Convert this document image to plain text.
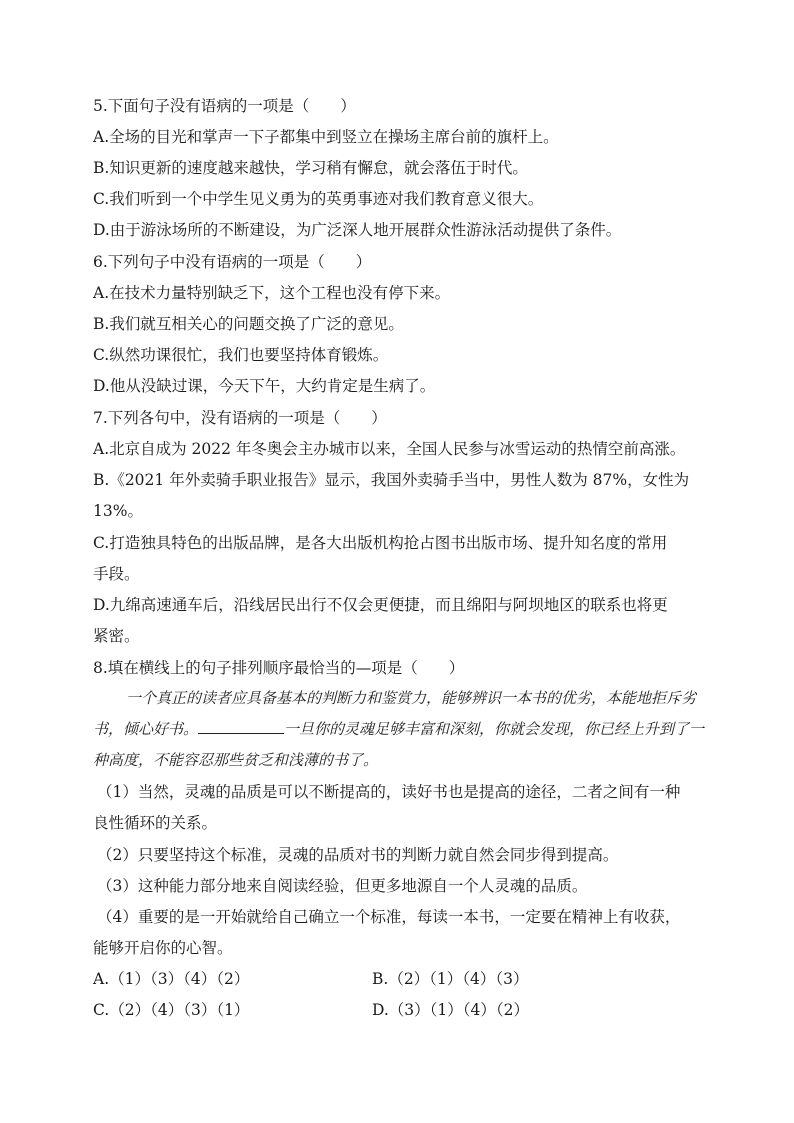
5.下面句子没有语病的一项是（　　）
A.全场的目光和掌声一下子都集中到竖立在操场主席台前的旗杆上。
B.知识更新的速度越来越快，学习稍有懈怠，就会落伍于时代。
C.我们听到一个中学生见义勇为的英勇事迹对我们教育意义很大。
D.由于游泳场所的不断建设，为广泛深人地开展群众性游泳活动提供了条件。
6.下列句子中没有语病的一项是（　　）
A.在技术力量特别缺乏下，这个工程也没有停下来。
B.我们就互相关心的问题交换了广泛的意见。
C.纵然功课很忙，我们也要坚持体育锻炼。
D.他从没缺过课，今天下午，大约肯定是生病了。
7.下列各句中，没有语病的一项是（　　）
A.北京自成为 2022 年冬奥会主办城市以来，全国人民参与冰雪运动的热情空前高涨。
B.《2021 年外卖骑手职业报告》显示，我国外卖骑手当中，男性人数为 87%，女性为
13%。
C.打造独具特色的出版品牌，是各大出版机构抢占图书出版市场、提升知名度的常用
手段。
D.九绵高速通车后，沿线居民出行不仅会更便捷，而且绵阳与阿坝地区的联系也将更
紧密。
8.填在横线上的句子排列顺序最恰当的—项是（　　）
一个真正的读者应具备基本的判断力和鉴赏力，能够辨识一本书的优劣，本能地拒斥劣书，倾心好书。	一旦你的灵魂足够丰富和深刻，你就会发现，你已经上升到了一种高度，不能容忍那些贫乏和浅薄的书了。
（1）当然，灵魂的品质是可以不断提高的，读好书也是提高的途径，二者之间有一种
良性循环的关系。
（2）只要坚持这个标准，灵魂的品质对书的判断力就自然会同步得到提高。
（3）这种能力部分地来自阅读经验，但更多地源自一个人灵魂的品质。
（4）重要的是一开始就给自己确立一个标准，每读一本书，一定要在精神上有收获，
能够开启你的心智。
A.（1）（3）（4）（2）	B.（2）（1）（4）（3）
C.（2）（4）（3）（1）	D.（3）（1）（4）（2）
